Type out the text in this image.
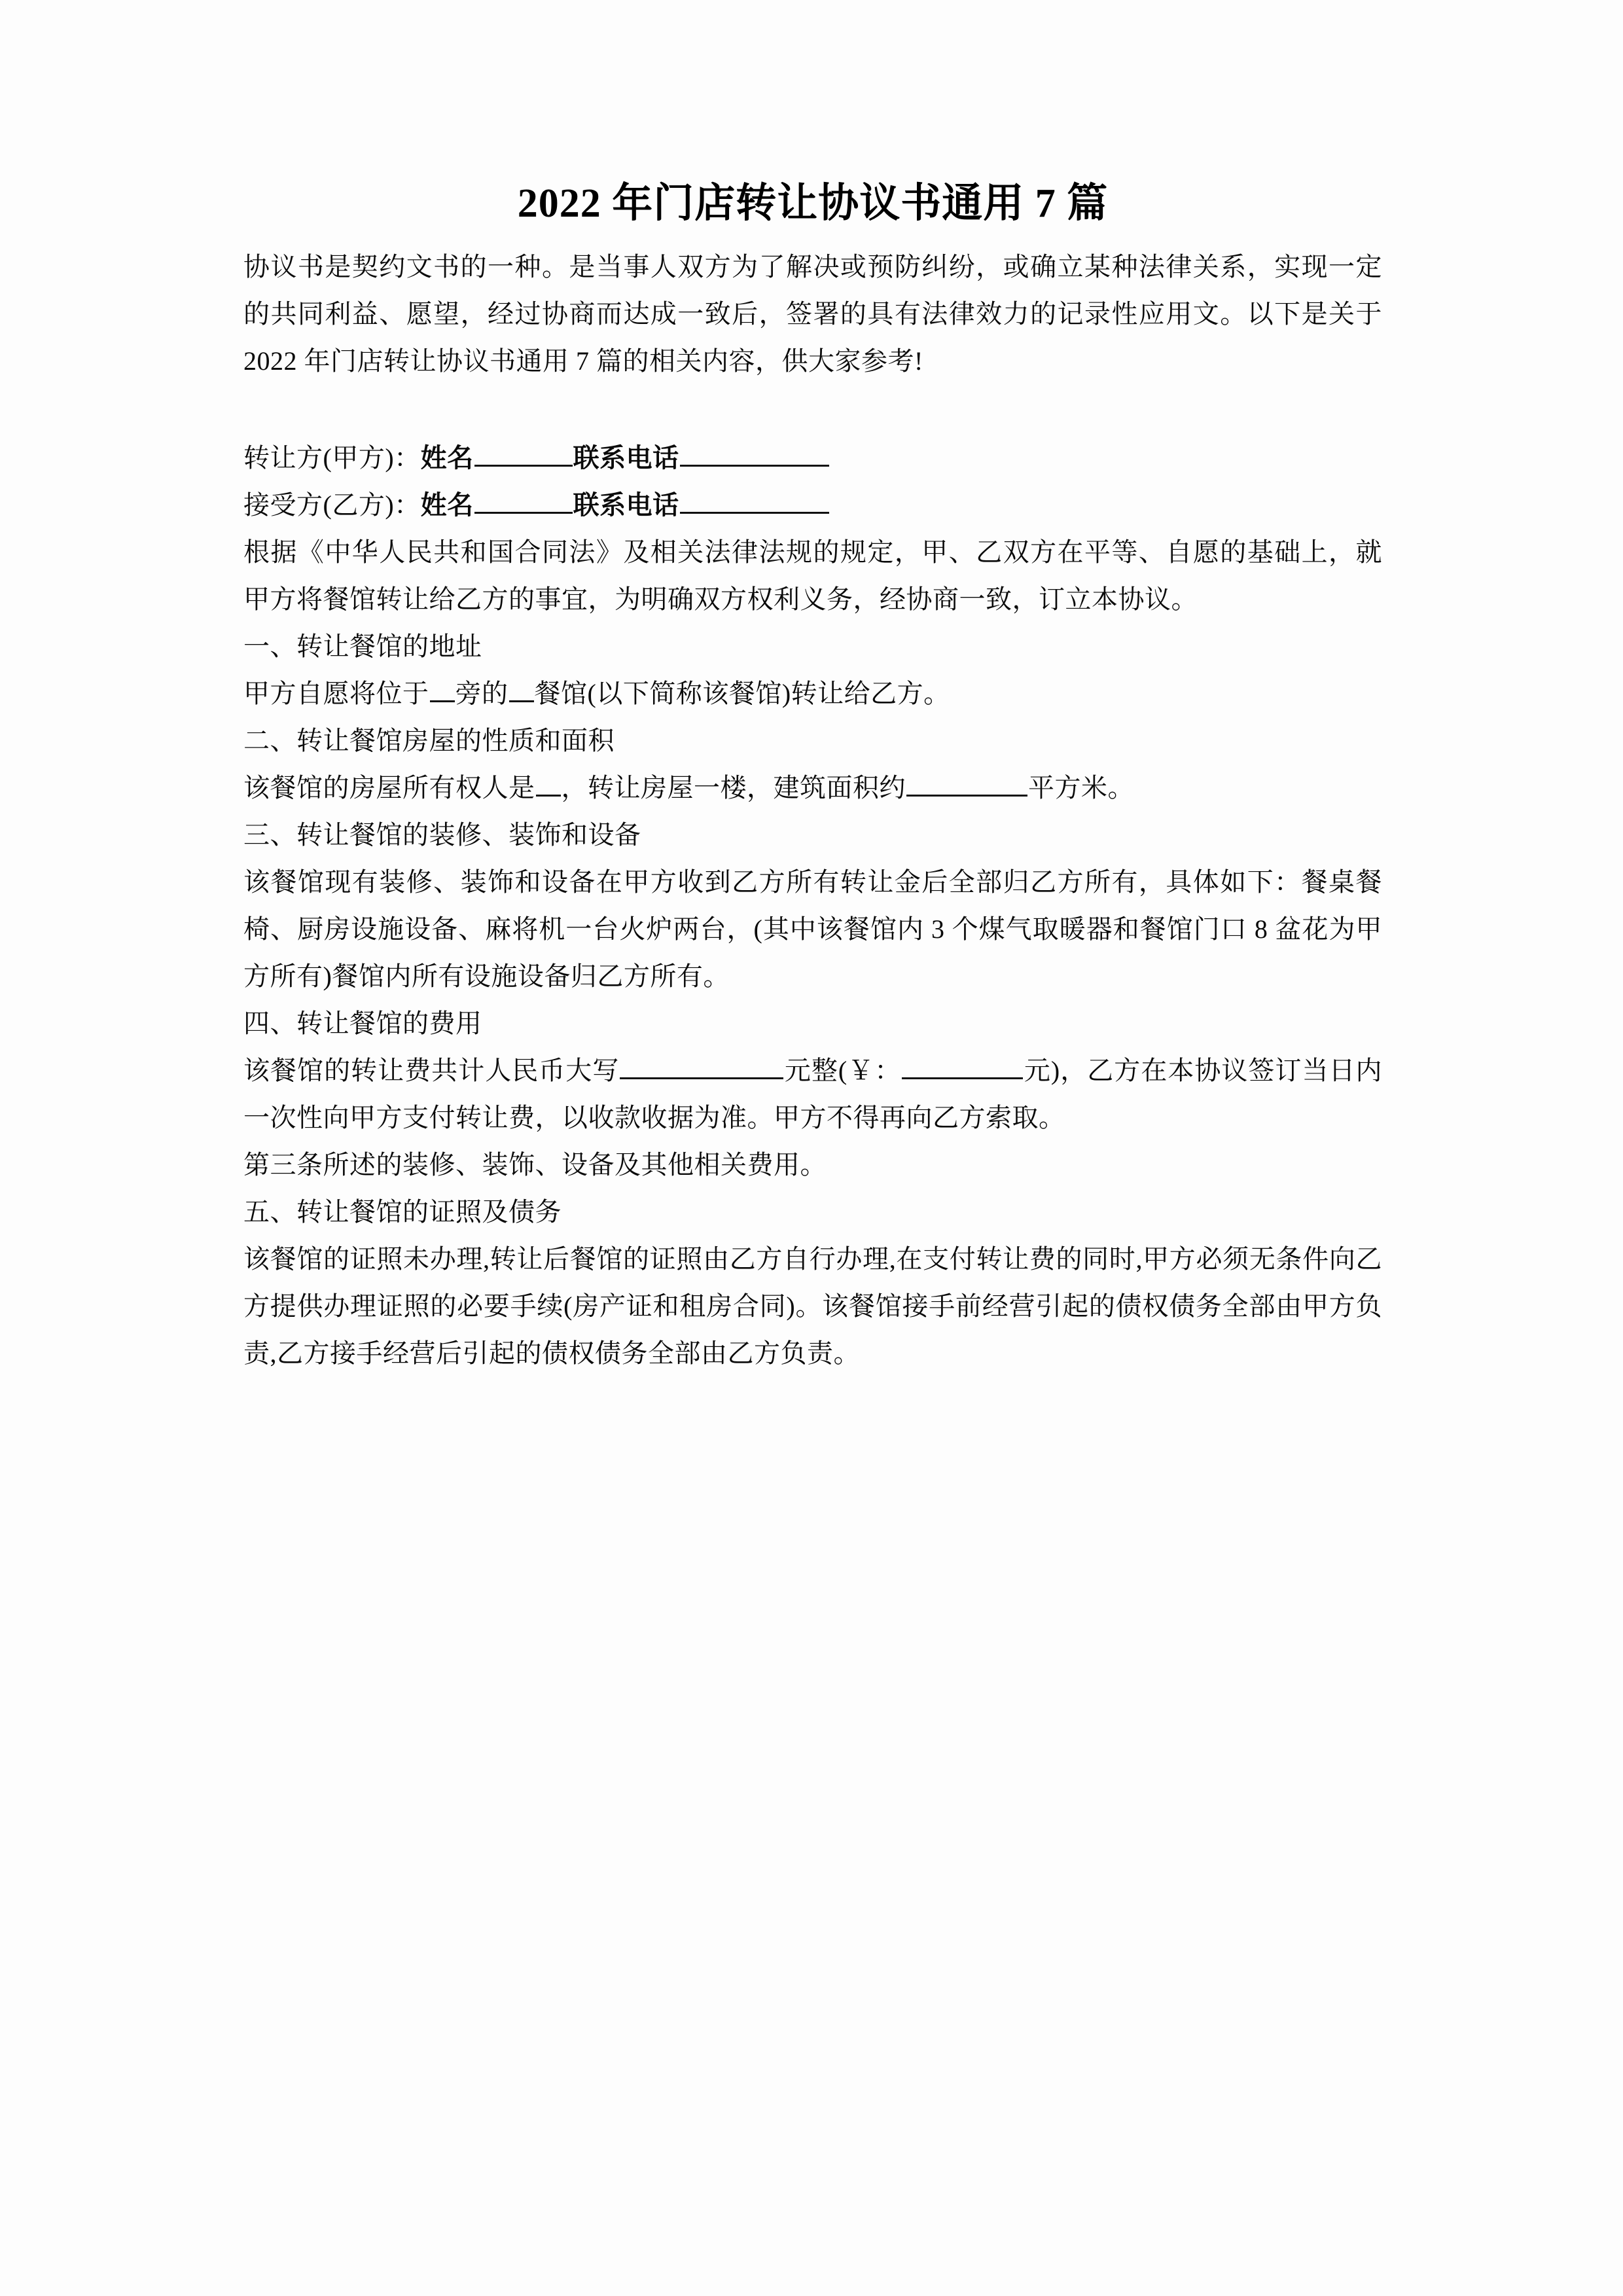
2022 年门店转让协议书通用 7 篇

协议书是契约文书的一种。是当事人双方为了解决或预防纠纷，或确立某种法律关系，实现一定的共同利益、愿望，经过协商而达成一致后，签署的具有法律效力的记录性应用文。以下是关于 2022 年门店转让协议书通用 7 篇的相关内容，供大家参考!

转让方(甲方)：姓名	联系电话

接受方(乙方)：姓名	联系电话

根据《中华人民共和国合同法》及相关法律法规的规定，甲、乙双方在平等、自愿的基础上，就甲方将餐馆转让给乙方的事宜，为明确双方权利义务，经协商一致，订立本协议。

一、转让餐馆的地址

甲方自愿将位于 旁的 餐馆(以下简称该餐馆)转让给乙方。

二、转让餐馆房屋的性质和面积

该餐馆的房屋所有权人是 ，转让房屋一楼，建筑面积约	平方米。

三、转让餐馆的装修、装饰和设备

该餐馆现有装修、装饰和设备在甲方收到乙方所有转让金后全部归乙方所有，具体如下：餐桌餐椅、厨房设施设备、麻将机一台火炉两台，(其中该餐馆内 3 个煤气取暖器和餐馆门口 8 盆花为甲方所有)餐馆内所有设施设备归乙方所有。

四、转让餐馆的费用

该餐馆的转让费共计人民币大写	元整(￥：	元)，乙方在本协议签订当日内一次性向甲方支付转让费，以收款收据为准。甲方不得再向乙方索取。

第三条所述的装修、装饰、设备及其他相关费用。

五、转让餐馆的证照及债务

该餐馆的证照未办理,转让后餐馆的证照由乙方自行办理,在支付转让费的同时,甲方必须无条件向乙方提供办理证照的必要手续(房产证和租房合同)。该餐馆接手前经营引起的债权债务全部由甲方负责,乙方接手经营后引起的债权债务全部由乙方负责。
